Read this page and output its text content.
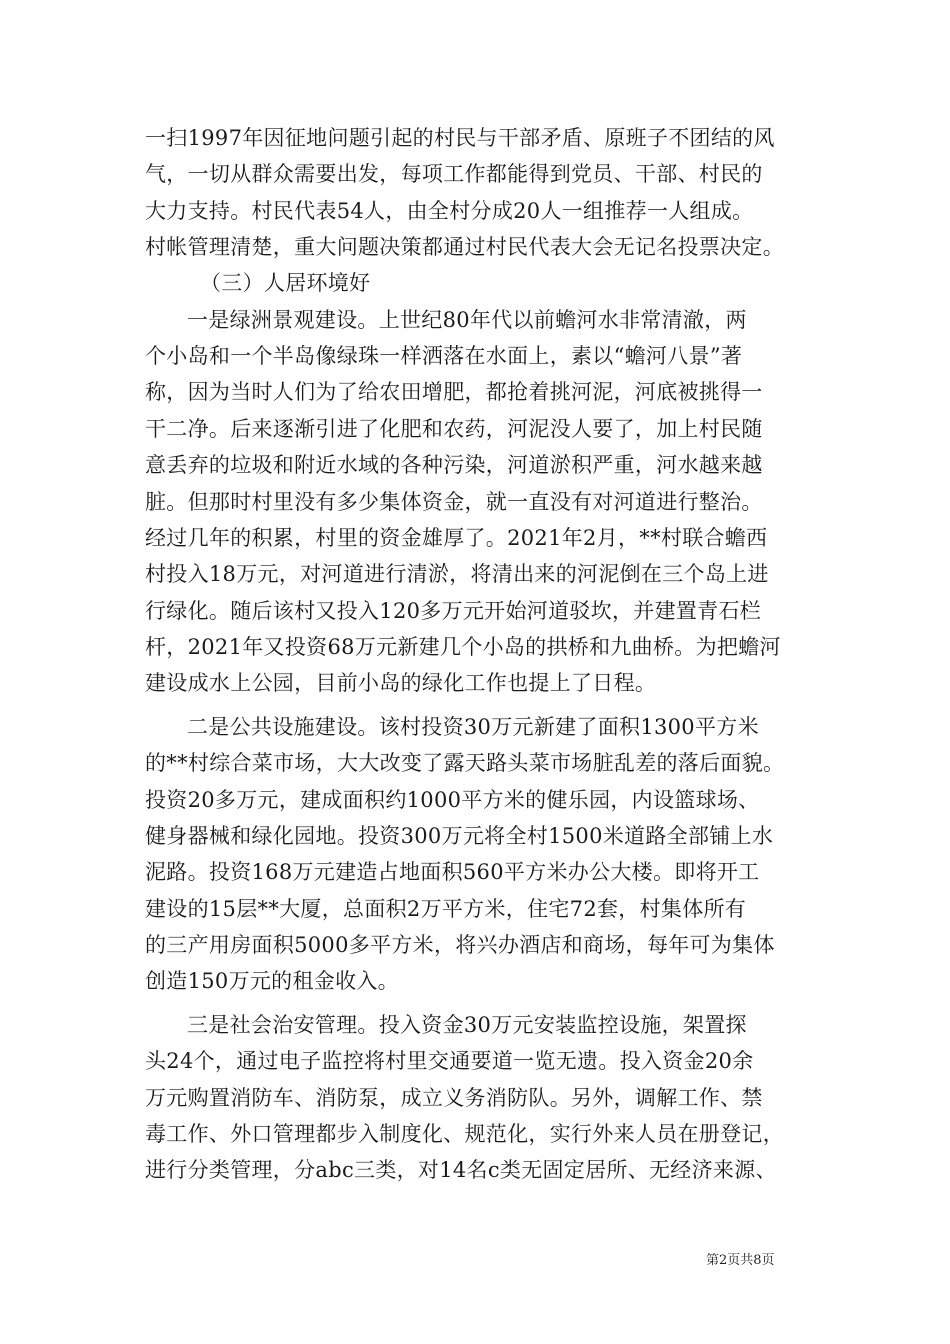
一扫1997年因征地问题引起的村民与干部矛盾、原班子不团结的风
气，一切从群众需要出发，每项工作都能得到党员、干部、村民的
大力支持。村民代表54人，由全村分成20人一组推荐一人组成。
村帐管理清楚，重大问题决策都通过村民代表大会无记名投票决定。
（三）人居环境好
一是绿洲景观建设。上世纪80年代以前蟾河水非常清澈，两
个小岛和一个半岛像绿珠一样洒落在水面上，素以“蟾河八景”著
称，因为当时人们为了给农田增肥，都抢着挑河泥，河底被挑得一
干二净。后来逐渐引进了化肥和农药，河泥没人要了，加上村民随
意丢弃的垃圾和附近水域的各种污染，河道淤积严重，河水越来越
脏。但那时村里没有多少集体资金，就一直没有对河道进行整治。
经过几年的积累，村里的资金雄厚了。2021年2月，**村联合蟾西
村投入18万元，对河道进行清淤，将清出来的河泥倒在三个岛上进
行绿化。随后该村又投入120多万元开始河道驳坎，并建置青石栏
杆，2021年又投资68万元新建几个小岛的拱桥和九曲桥。为把蟾河
建设成水上公园，目前小岛的绿化工作也提上了日程。
二是公共设施建设。该村投资30万元新建了面积1300平方米
的**村综合菜市场，大大改变了露天路头菜市场脏乱差的落后面貌。
投资20多万元，建成面积约1000平方米的健乐园，内设篮球场、
健身器械和绿化园地。投资300万元将全村1500米道路全部铺上水
泥路。投资168万元建造占地面积560平方米办公大楼。即将开工
建设的15层**大厦，总面积2万平方米，住宅72套，村集体所有
的三产用房面积5000多平方米，将兴办酒店和商场，每年可为集体
创造150万元的租金收入。
三是社会治安管理。投入资金30万元安装监控设施，架置探
头24个，通过电子监控将村里交通要道一览无遗。投入资金20余
万元购置消防车、消防泵，成立义务消防队。另外，调解工作、禁
毒工作、外口管理都步入制度化、规范化，实行外来人员在册登记，
进行分类管理，分abc三类，对14名c类无固定居所、无经济来源、
第2页共8页
